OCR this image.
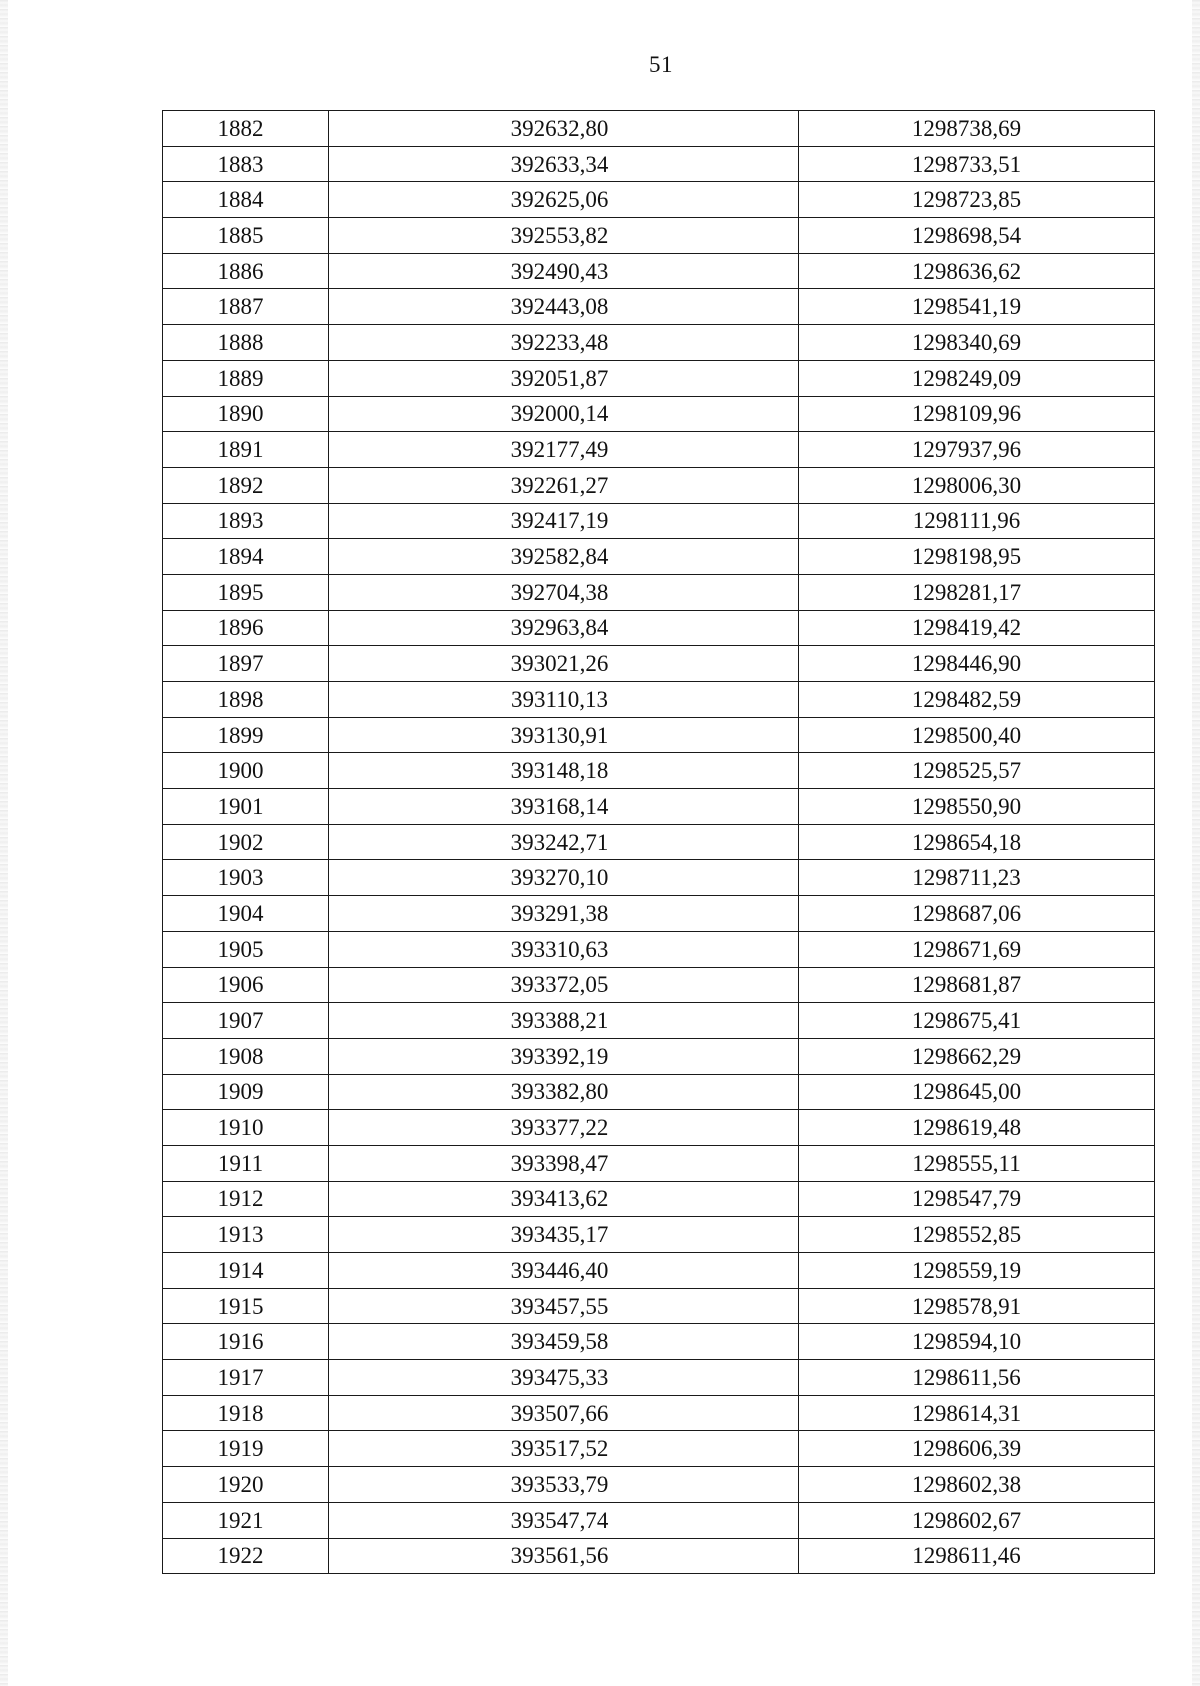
51
1882	392632,80	1298738,69
1883	392633,34	1298733,51
1884	392625,06	1298723,85
1885	392553,82	1298698,54
1886	392490,43	1298636,62
1887	392443,08	1298541,19
1888	392233,48	1298340,69
1889	392051,87	1298249,09
1890	392000,14	1298109,96
1891	392177,49	1297937,96
1892	392261,27	1298006,30
1893	392417,19	1298111,96
1894	392582,84	1298198,95
1895	392704,38	1298281,17
1896	392963,84	1298419,42
1897	393021,26	1298446,90
1898	393110,13	1298482,59
1899	393130,91	1298500,40
1900	393148,18	1298525,57
1901	393168,14	1298550,90
1902	393242,71	1298654,18
1903	393270,10	1298711,23
1904	393291,38	1298687,06
1905	393310,63	1298671,69
1906	393372,05	1298681,87
1907	393388,21	1298675,41
1908	393392,19	1298662,29
1909	393382,80	1298645,00
1910	393377,22	1298619,48
1911	393398,47	1298555,11
1912	393413,62	1298547,79
1913	393435,17	1298552,85
1914	393446,40	1298559,19
1915	393457,55	1298578,91
1916	393459,58	1298594,10
1917	393475,33	1298611,56
1918	393507,66	1298614,31
1919	393517,52	1298606,39
1920	393533,79	1298602,38
1921	393547,74	1298602,67
1922	393561,56	1298611,46
